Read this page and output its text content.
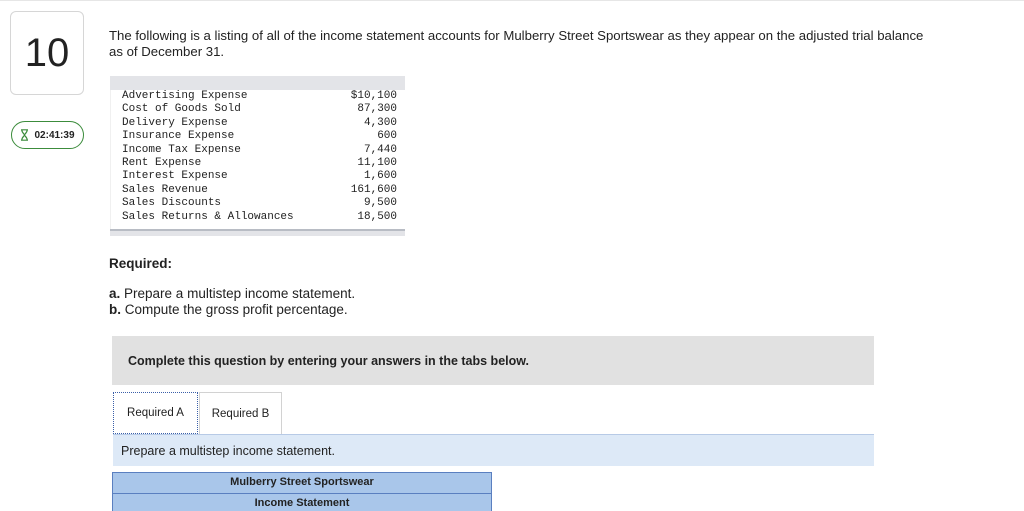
10
02:41:39
The following is a listing of all of the income statement accounts for Mulberry Street Sportswear as they appear on the adjusted trial balance as of December 31.
Advertising Expense	$10,100
Cost of Goods Sold	87,300
Delivery Expense	4,300
Insurance Expense	600
Income Tax Expense	7,440
Rent Expense	11,100
Interest Expense	1,600
Sales Revenue	161,600
Sales Discounts	9,500
Sales Returns & Allowances	18,500
Required:
a. Prepare a multistep income statement.
b. Compute the gross profit percentage.
Complete this question by entering your answers in the tabs below.
Required A	Required B
Prepare a multistep income statement.
Mulberry Street Sportswear
Income Statement
